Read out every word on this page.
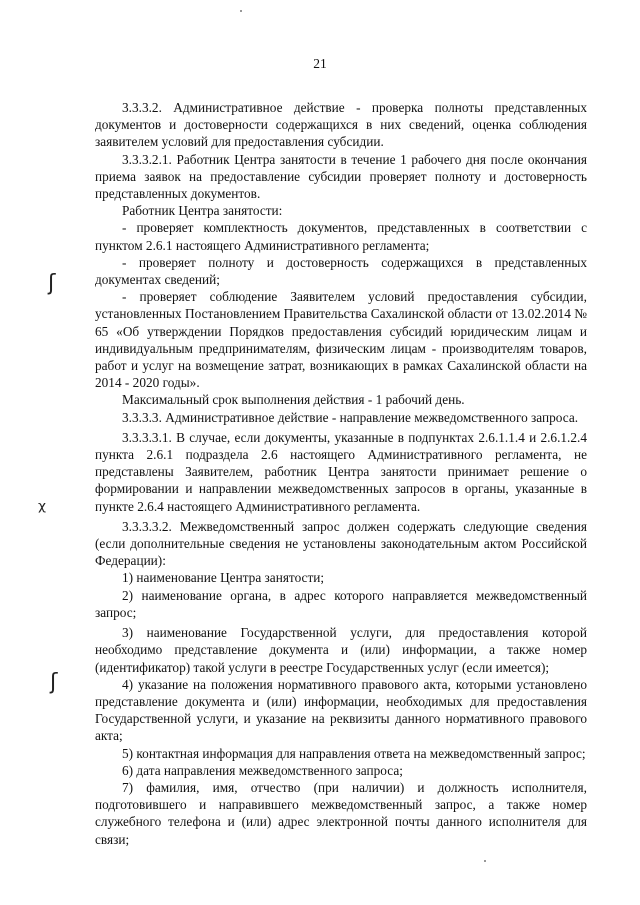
21
ʃ
ᵡ
ʃ

3.3.3.2. Административное действие - проверка полноты представленных документов и достоверности содержащихся в них сведений, оценка соблюдения заявителем условий для предоставления субсидии.

3.3.3.2.1. Работник Центра занятости в течение 1 рабочего дня после окончания приема заявок на предоставление субсидии проверяет полноту и достоверность представленных документов.

Работник Центра занятости:

- проверяет комплектность документов, представленных в соответствии с пунктом 2.6.1 настоящего Административного регламента;

- проверяет полноту и достоверность содержащихся в представленных документах сведений;

- проверяет соблюдение Заявителем условий предоставления субсидии, установленных Постановлением Правительства Сахалинской области от 13.02.2014 № 65 «Об утверждении Порядков предоставления субсидий юридическим лицам и индивидуальным предпринимателям, физическим лицам - производителям товаров, работ и услуг на возмещение затрат, возникающих в рамках Сахалинской области на 2014 - 2020 годы».

Максимальный срок выполнения действия - 1 рабочий день.

3.3.3.3. Административное действие - направление межведомственного запроса.

3.3.3.3.1. В случае, если документы, указанные в подпунктах 2.6.1.1.4 и 2.6.1.2.4 пункта 2.6.1 подраздела 2.6 настоящего Административного регламента, не представлены Заявителем, работник Центра занятости принимает решение о формировании и направлении межведомственных запросов в органы, указанные в пункте 2.6.4 настоящего Административного регламента.

3.3.3.3.2. Межведомственный запрос должен содержать следующие сведения (если дополнительные сведения не установлены законодательным актом Российской Федерации):

1) наименование Центра занятости;

2) наименование органа, в адрес которого направляется межведомственный запрос;

3) наименование Государственной услуги, для предоставления которой необходимо представление документа и (или) информации, а также номер (идентификатор) такой услуги в реестре Государственных услуг (если имеется);

4) указание на положения нормативного правового акта, которыми установлено представление документа и (или) информации, необходимых для предоставления Государственной услуги, и указание на реквизиты данного нормативного правового акта;

5) контактная информация для направления ответа на межведомственный запрос;

6) дата направления межведомственного запроса;

7) фамилия, имя, отчество (при наличии) и должность исполнителя, подготовившего и направившего межведомственный запрос, а также номер служебного телефона и (или) адрес электронной почты данного исполнителя для связи;
